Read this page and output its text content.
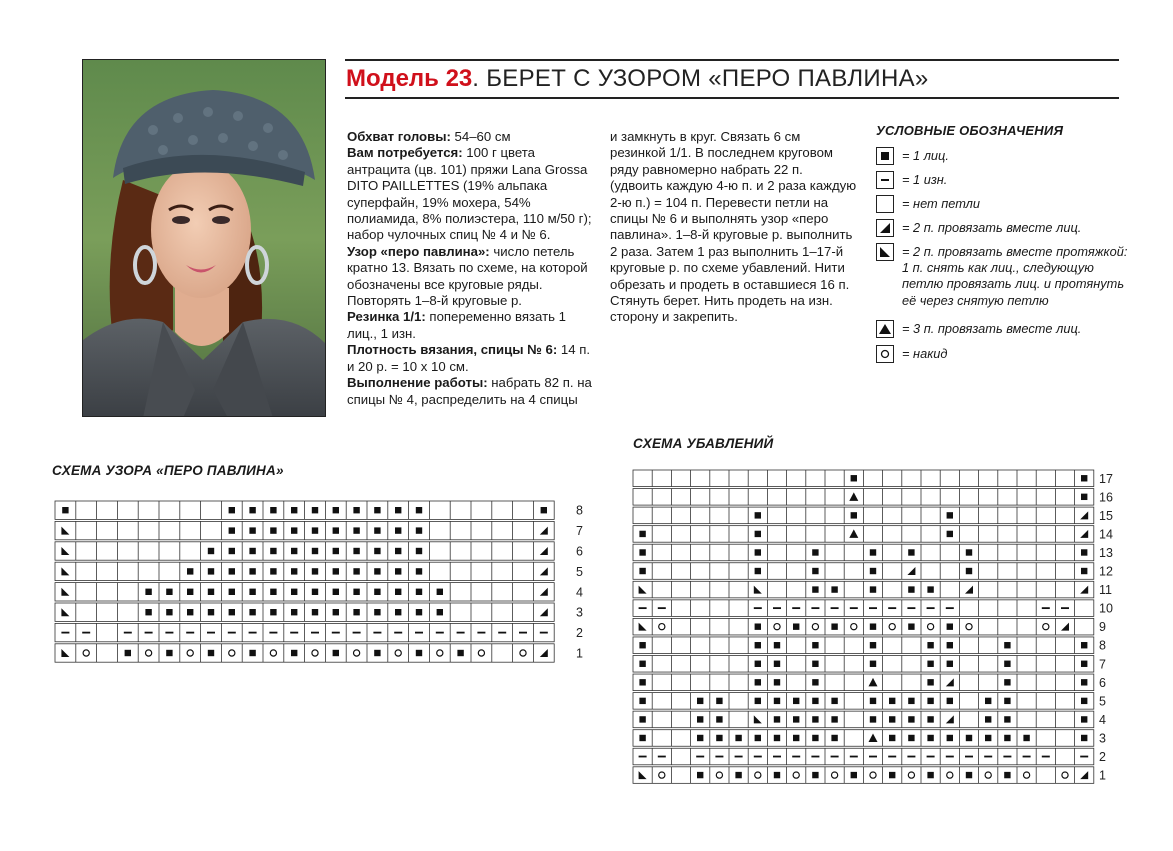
Модель 23. БЕРЕТ С УЗОРОМ «ПЕРО ПАВЛИНА»
Обхват головы: 54–60 см
Вам потребуется: 100 г цвета антрацита (цв. 101) пряжи Lana Grossa DITO PAILLETTES (19% альпака суперфайн, 19% мохера, 54% полиамида, 8% полиэстера, 110 м/50 г); набор чулочных спиц № 4 и № 6.
Узор «перо павлина»: число петель кратно 13. Вязать по схеме, на которой обозначены все круговые ряды. Повторять 1–8-й круговые р.
Резинка 1/1: попеременно вязать 1 лиц., 1 изн.
Плотность вязания, спицы № 6: 14 п. и 20 р. = 10 х 10 см.
Выполнение работы: набрать 82 п. на спицы № 4, распределить на 4 спицы
и замкнуть в круг. Связать 6 см резинкой 1/1. В последнем круговом ряду равномерно набрать 22 п. (удвоить каждую 4-ю п. и 2 раза каждую 2-ю п.) = 104 п. Перевести петли на спицы № 6 и выполнять узор «перо павлина». 1–8-й круговые р. выполнить 2 раза. Затем 1 раз выполнить 1–17-й круговые р. по схеме убавлений. Нити обрезать и продеть в оставшиеся 16 п. Стянуть берет. Нить продеть на изн. сторону и закрепить.
УСЛОВНЫЕ ОБОЗНАЧЕНИЯ
= 1 лиц.
= 1 изн.
= нет петли
= 2 п. провязать вместе лиц.
= 2 п. провязать вместе протяжкой: 1 п. снять как лиц., следующую петлю провязать лиц. и протянуть её через снятую петлю
= 3 п. провязать вместе лиц.
= накид
СХЕМА УЗОРА «ПЕРО ПАВЛИНА»
8
7
6
5
4
3
2
1
СХЕМА УБАВЛЕНИЙ
17
16
15
14
13
12
11
10
9
8
7
6
5
4
3
2
1
